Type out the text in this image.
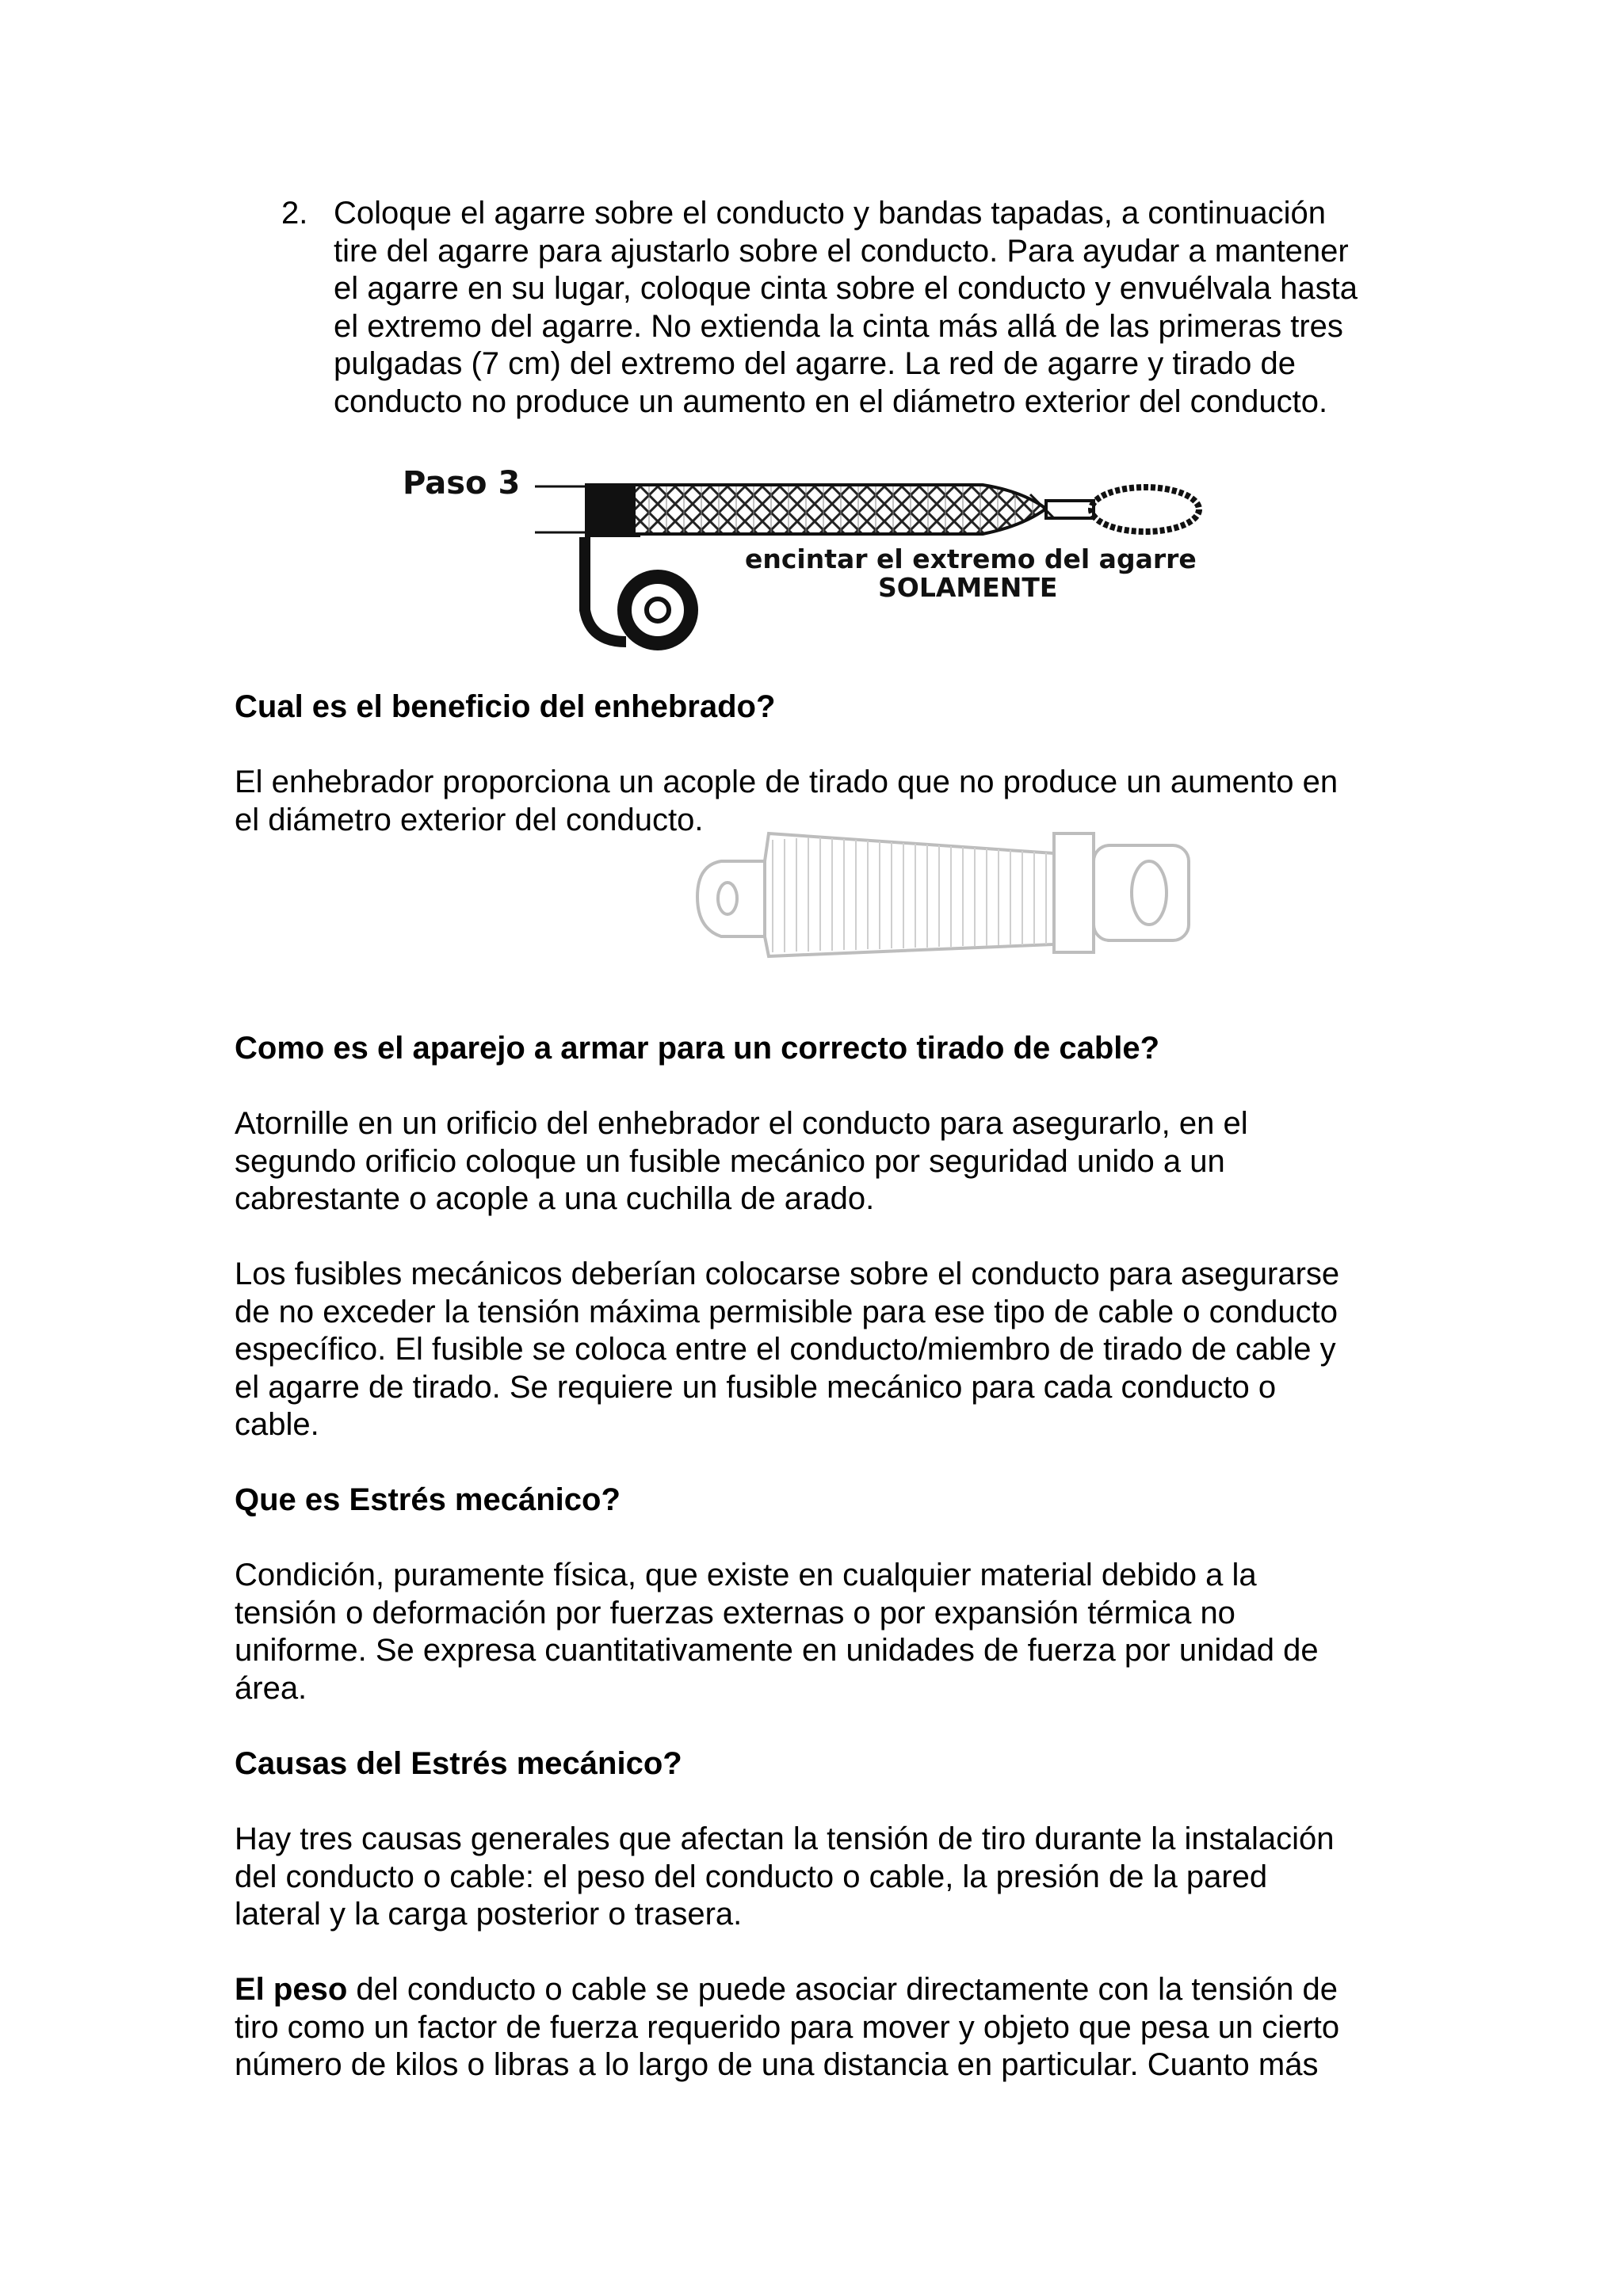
2. Coloque el agarre sobre el conducto y bandas tapadas, a continuación
tire del agarre para ajustarlo sobre el conducto. Para ayudar a mantener
el agarre en su lugar, coloque cinta sobre el conducto y envuélvala hasta
el extremo del agarre. No extienda la cinta más allá de las primeras tres
pulgadas (7 cm) del extremo del agarre. La red de agarre y tirado de
conducto no produce un aumento en el diámetro exterior del conducto.
Paso 3
encintar el extremo del agarre
SOLAMENTE
Cual es el beneficio del enhebrado?
El enhebrador proporciona un acople de tirado que no produce un aumento en
el diámetro exterior del conducto.
Como es el aparejo a armar para un correcto tirado de cable?
Atornille en un orificio del enhebrador el conducto para asegurarlo, en el
segundo orificio coloque un fusible mecánico por seguridad unido a un
cabrestante o acople a una cuchilla de arado.
Los fusibles mecánicos deberían colocarse sobre el conducto para asegurarse
de no exceder la tensión máxima permisible para ese tipo de cable o conducto
específico. El fusible se coloca entre el conducto/miembro de tirado de cable y
el agarre de tirado. Se requiere un fusible mecánico para cada conducto o
cable.
Que es Estrés mecánico?
Condición, puramente física, que existe en cualquier material debido a la
tensión o deformación por fuerzas externas o por expansión térmica no
uniforme. Se expresa cuantitativamente en unidades de fuerza por unidad de
área.
Causas del Estrés mecánico?
Hay tres causas generales que afectan la tensión de tiro durante la instalación
del conducto o cable: el peso del conducto o cable, la presión de la pared
lateral y la carga posterior o trasera.
El peso del conducto o cable se puede asociar directamente con la tensión de
tiro como un factor de fuerza requerido para mover y objeto que pesa un cierto
número de kilos o libras a lo largo de una distancia en particular. Cuanto más
